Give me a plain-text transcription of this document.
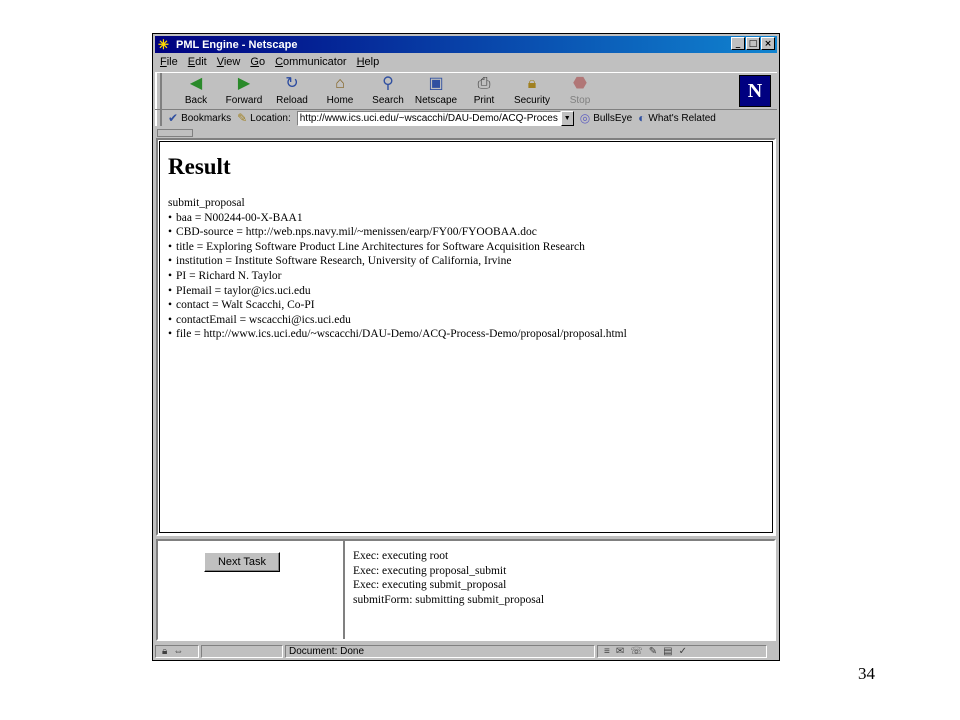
✳ PML Engine - Netscape	_ □ ×
File Edit View Go Communicator Help
◀
Back
▶
Forward
↻
Reload
⌂
Home
⚲
Search
▣
Netscape
⎙
Print
🔒︎
Security
⬣
Stop	N
✔ Bookmarks ✎ Location:
http://www.ics.uci.edu/~wscacchi/DAU-Demo/ACQ-Process-D	▼ ◎ BullsEye ◐ What's Related
Result
submit_proposal
• baa = N00244-00-X-BAA1
• CBD-source = http://web.nps.navy.mil/~menissen/earp/FY00/FYOOBAA.doc
• title = Exploring Software Product Line Architectures for Software Acquisition Research
• institution = Institute Software Research, University of California, Irvine
• PI = Richard N. Taylor
• PIemail = taylor@ics.uci.edu
• contact = Walt Scacchi, Co-PI
• contactEmail = wscacchi@ics.uci.edu
• file = http://www.ics.uci.edu/~wscacchi/DAU-Demo/ACQ-Process-Demo/proposal/proposal.html
Next Task	Exec: executing root
Exec: executing proposal_submit
Exec: executing submit_proposal
submitForm: submitting submit_proposal
🔒︎ ⇔	Document: Done	≡ ✉ ☏ ✎ ▤ ✓
34
